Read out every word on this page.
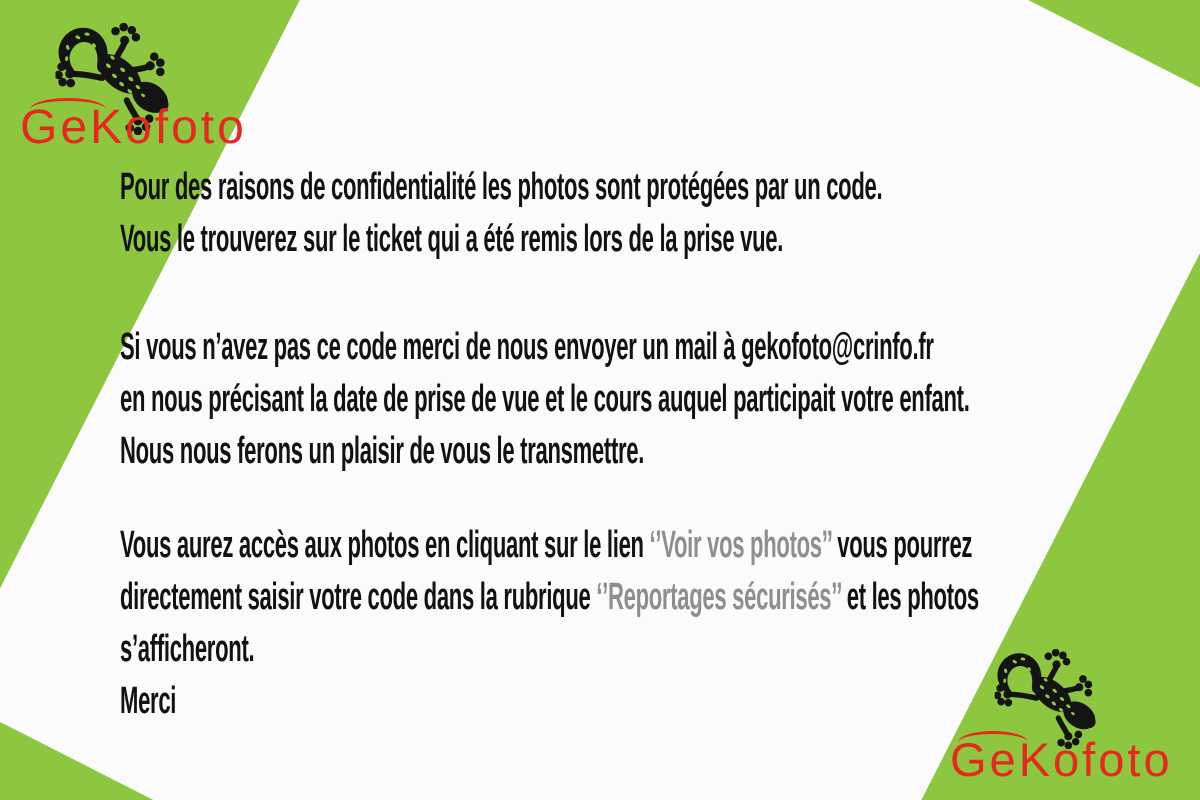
GeKofoto

Pour des raisons de confidentialité les photos sont protégées par un code.
Vous le trouverez sur le ticket qui a été remis lors de la prise vue.

Si vous n’avez pas ce code merci de nous envoyer un mail à gekofoto@crinfo.fr
en nous précisant la date de prise de vue et le cours auquel participait votre enfant.
Nous nous ferons un plaisir de vous le transmettre.

Vous aurez accès aux photos en cliquant sur le lien ‘’Voir vos photos’’ vous pourrez
directement saisir votre code dans la rubrique ‘’Reportages sécurisés’’ et les photos
s’afficheront.
Merci

GeKofoto
